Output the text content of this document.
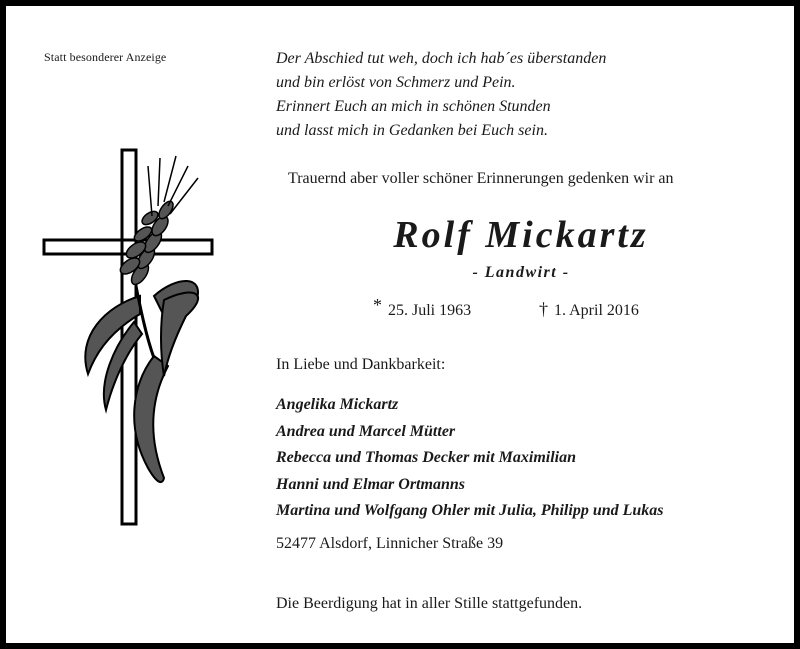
Statt besonderer Anzeige	Der Abschied tut weh, doch ich hab´es überstanden
und bin erlöst von Schmerz und Pein.
Erinnert Euch an mich in schönen Stunden
und lasst mich in Gedanken bei Euch sein.
Trauernd aber voller schöner Erinnerungen gedenken wir an
Rolf Mickartz
- Landwirt -
* 25. Juli 1963	† 1. April 2016
In Liebe und Dankbarkeit:
Angelika Mickartz
Andrea und Marcel Mütter
Rebecca und Thomas Decker mit Maximilian
Hanni und Elmar Ortmanns
Martina und Wolfgang Ohler mit Julia, Philipp und Lukas
52477 Alsdorf, Linnicher Straße 39
Die Beerdigung hat in aller Stille stattgefunden.
